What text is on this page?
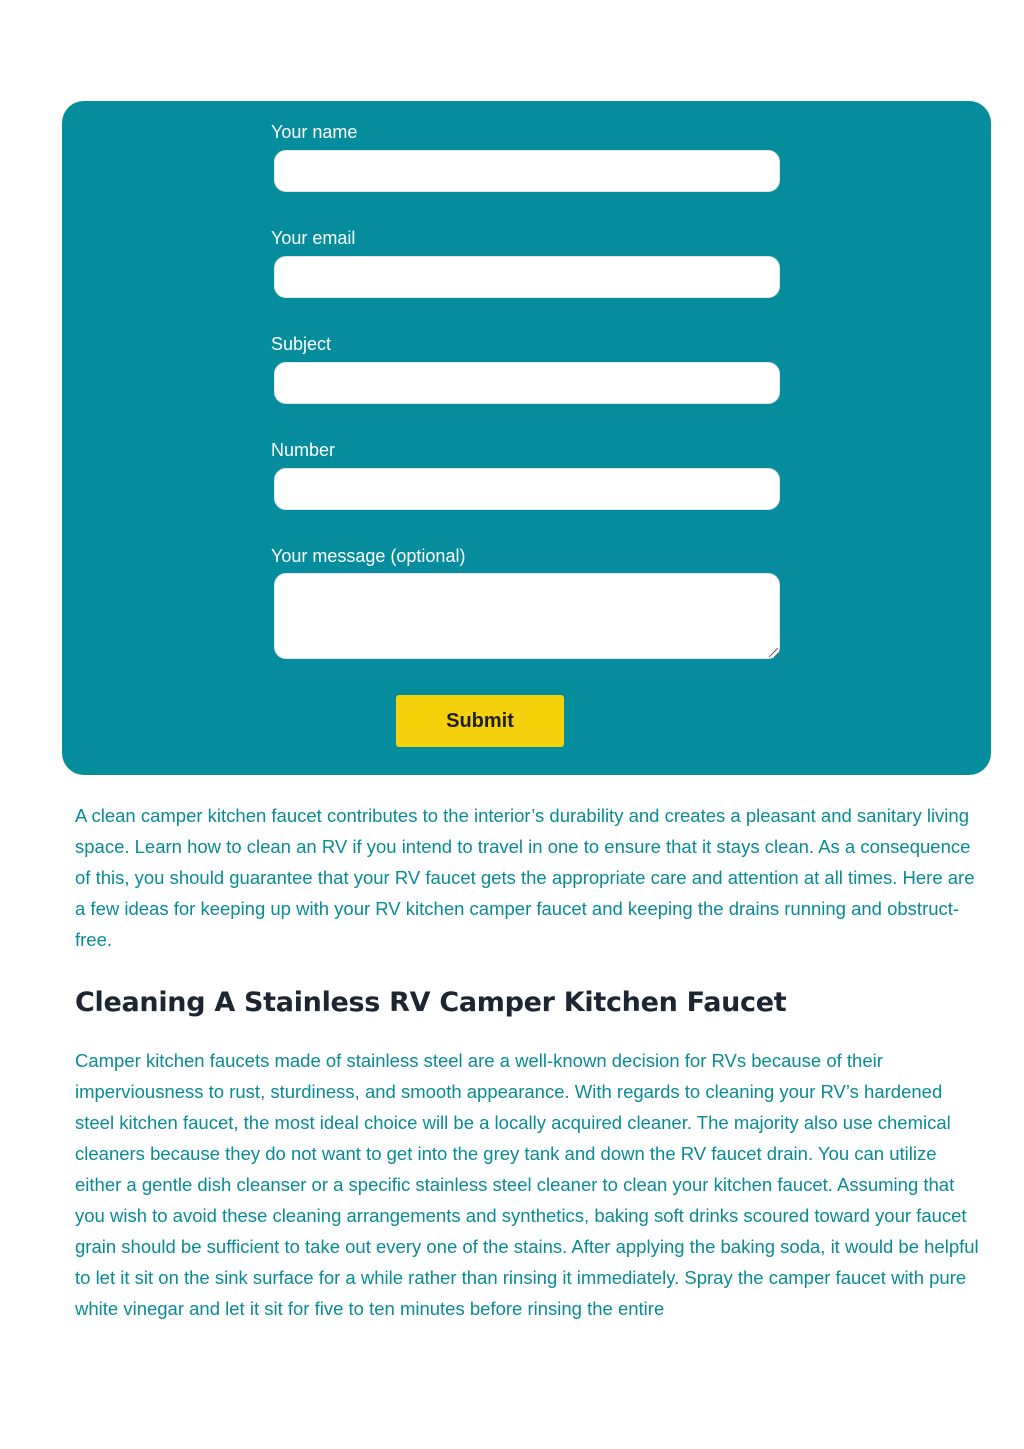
Your name
Your email
Subject
Number
Your message (optional)
Submit

A clean camper kitchen faucet contributes to the interior’s durability and creates a pleasant and sanitary living space. Learn how to clean an RV if you intend to travel in one to ensure that it stays clean. As a consequence of this, you should guarantee that your RV faucet gets the appropriate care and attention at all times. Here are a few ideas for keeping up with your RV kitchen camper faucet and keeping the drains running and obstruct-free.

Cleaning A Stainless RV Camper Kitchen Faucet

Camper kitchen faucets made of stainless steel are a well-known decision for RVs because of their imperviousness to rust, sturdiness, and smooth appearance. With regards to cleaning your RV’s hardened steel kitchen faucet, the most ideal choice will be a locally acquired cleaner. The majority also use chemical cleaners because they do not want to get into the grey tank and down the RV faucet drain. You can utilize either a gentle dish cleanser or a specific stainless steel cleaner to clean your kitchen faucet. Assuming that you wish to avoid these cleaning arrangements and synthetics, baking soft drinks scoured toward your faucet grain should be sufficient to take out every one of the stains. After applying the baking soda, it would be helpful to let it sit on the sink surface for a while rather than rinsing it immediately. Spray the camper faucet with pure white vinegar and let it sit for five to ten minutes before rinsing the entire
